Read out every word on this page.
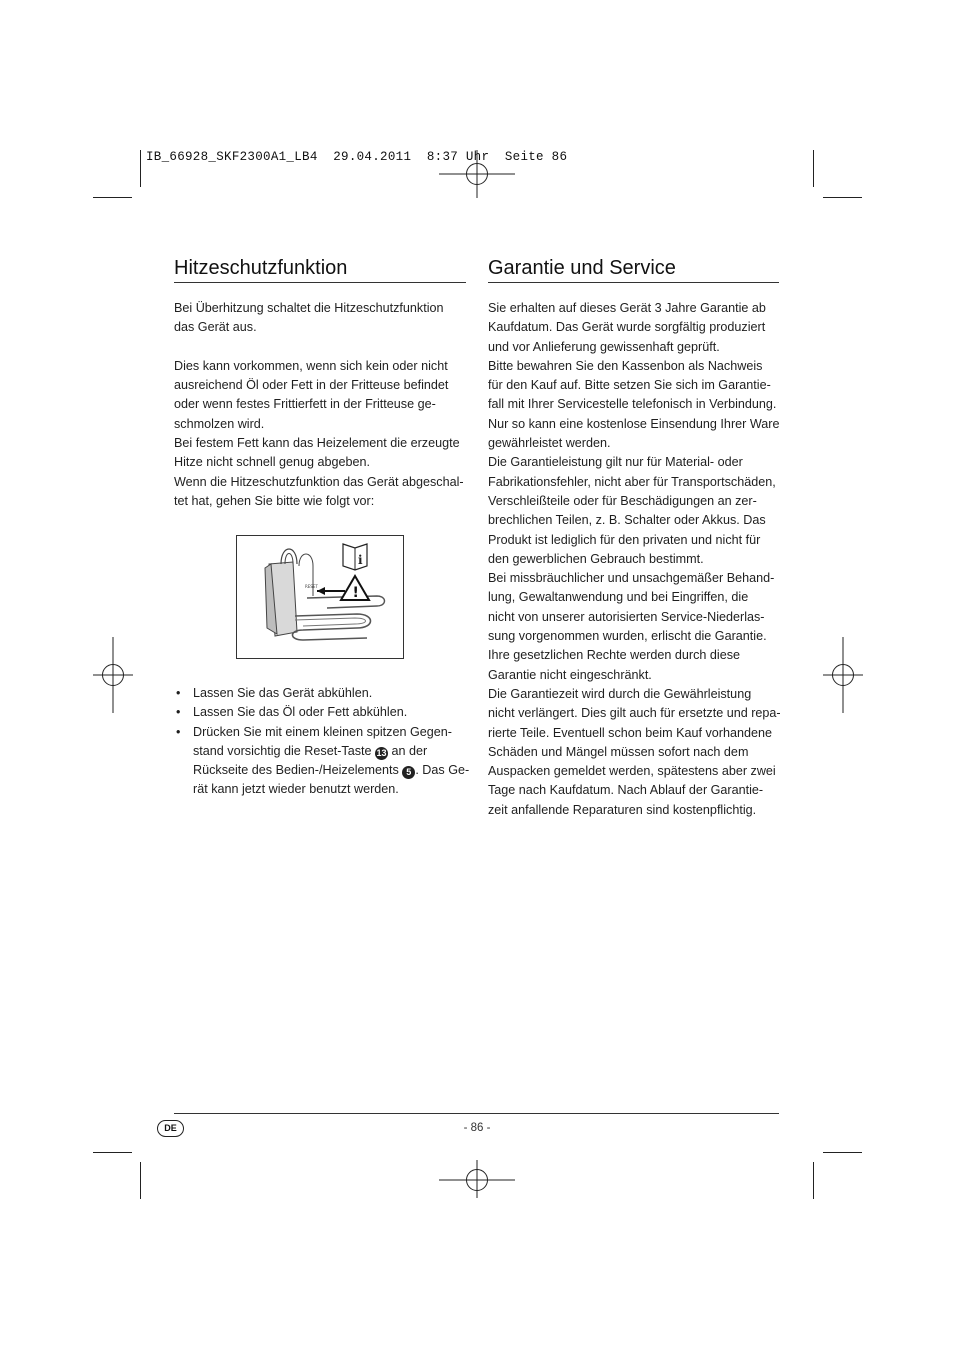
IB_66928_SKF2300A1_LB4  29.04.2011  8:37 Uhr  Seite 86
Hitzeschutzfunktion

Bei Überhitzung schaltet die Hitzeschutzfunktion

das Gerät aus.

Dies kann vorkommen, wenn sich kein oder nicht

ausreichend Öl oder Fett in der Fritteuse befindet

oder wenn festes Frittierfett in der Fritteuse ge-

schmolzen wird.

Bei festem Fett kann das Heizelement die erzeugte

Hitze nicht schnell genug abgeben.

Wenn die Hitzeschutzfunktion das Gerät abgeschal-

tet hat, gehen Sie bitte wie folgt vor:

RESET
i
!
• Lassen Sie das Gerät abkühlen.

• Lassen Sie das Öl oder Fett abkühlen.

• Drücken Sie mit einem kleinen spitzen Gegen-

stand vorsichtig die Reset-Taste 13 an der

Rückseite des Bedien-/Heizelements 5 . Das Ge-

rät kann jetzt wieder benutzt werden.

Garantie und Service

Sie erhalten auf dieses Gerät 3 Jahre Garantie ab

Kaufdatum. Das Gerät wurde sorgfältig produziert

und vor Anlieferung gewissenhaft geprüft.

Bitte bewahren Sie den Kassenbon als Nachweis

für den Kauf auf. Bitte setzen Sie sich im Garantie-

fall mit Ihrer Servicestelle telefonisch in Verbindung.

Nur so kann eine kostenlose Einsendung Ihrer Ware

gewährleistet werden.

Die Garantieleistung gilt nur für Material- oder

Fabrikationsfehler, nicht aber für Transportschäden,

Verschleißteile oder für Beschädigungen an zer-

brechlichen Teilen, z. B. Schalter oder Akkus. Das

Produkt ist lediglich für den privaten und nicht für

den gewerblichen Gebrauch bestimmt.

Bei missbräuchlicher und unsachgemäßer Behand-

lung, Gewaltanwendung und bei Eingriffen, die

nicht von unserer autorisierten Service-Niederlas-

sung vorgenommen wurden, erlischt die Garantie.

Ihre gesetzlichen Rechte werden durch diese

Garantie nicht eingeschränkt.

Die Garantiezeit wird durch die Gewährleistung

nicht verlängert. Dies gilt auch für ersetzte und repa-

rierte Teile. Eventuell schon beim Kauf vorhandene

Schäden und Mängel müssen sofort nach dem

Auspacken gemeldet werden, spätestens aber zwei

Tage nach Kaufdatum. Nach Ablauf der Garantie-

zeit anfallende Reparaturen sind kostenpflichtig.

DE	- 86 -
